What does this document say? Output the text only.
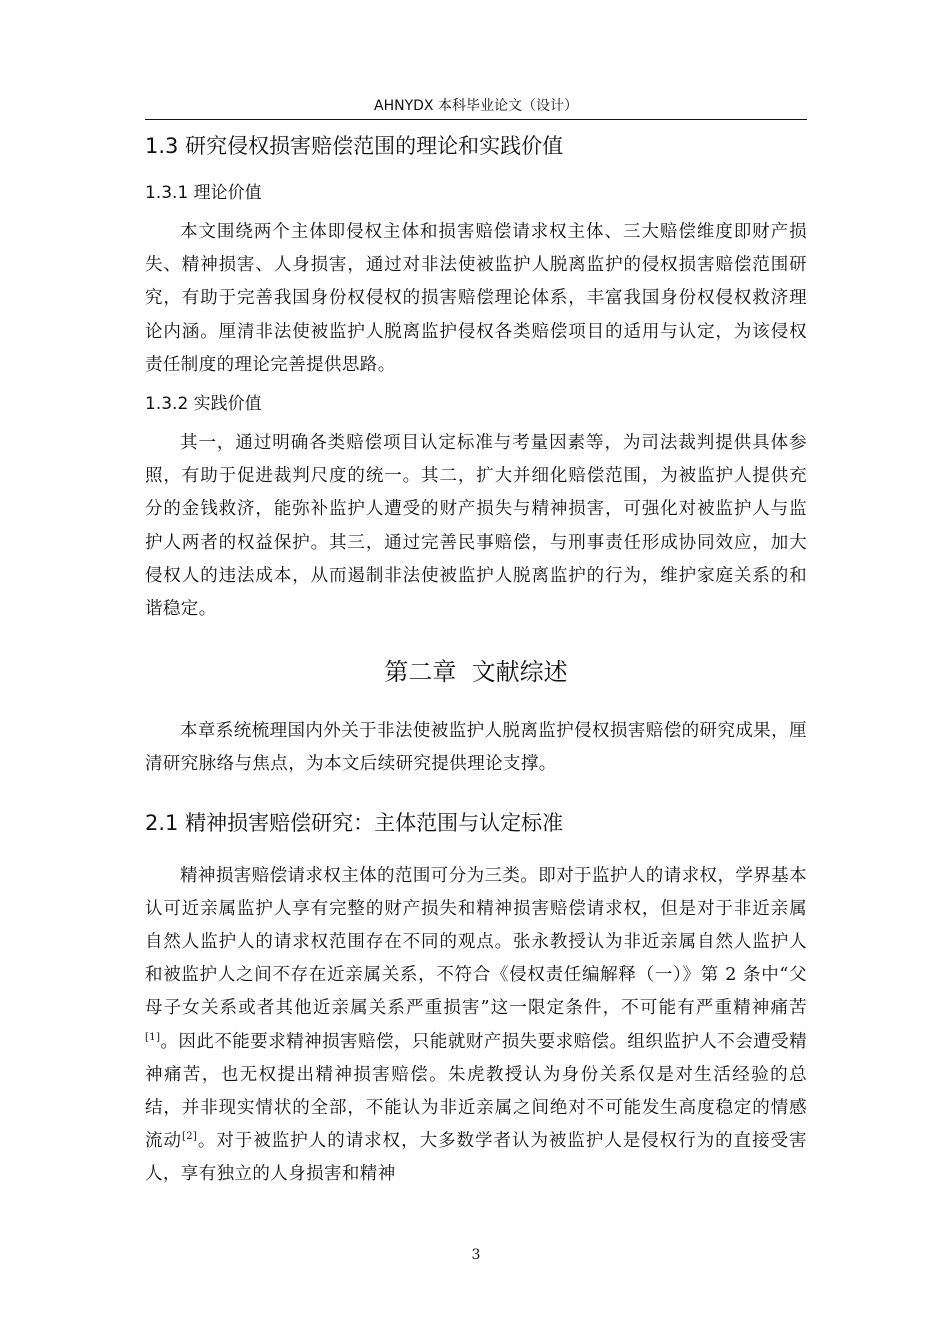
AHNYDX 本科毕业论文（设计）
1.3 研究侵权损害赔偿范围的理论和实践价值
1.3.1 理论价值

本文围绕两个主体即侵权主体和损害赔偿请求权主体、三大赔偿维度即财产损失、精神损害、人身损害，通过对非法使被监护人脱离监护的侵权损害赔偿范围研究，有助于完善我国身份权侵权的损害赔偿理论体系，丰富我国身份权侵权救济理论内涵。厘清非法使被监护人脱离监护侵权各类赔偿项目的适用与认定，为该侵权责任制度的理论完善提供思路。

1.3.2 实践价值

其一，通过明确各类赔偿项目认定标准与考量因素等，为司法裁判提供具体参照，有助于促进裁判尺度的统一。其二，扩大并细化赔偿范围，为被监护人提供充分的金钱救济，能弥补监护人遭受的财产损失与精神损害，可强化对被监护人与监护人两者的权益保护。其三，通过完善民事赔偿，与刑事责任形成协同效应，加大侵权人的违法成本，从而遏制非法使被监护人脱离监护的行为，维护家庭关系的和谐稳定。

第二章  文献综述

本章系统梳理国内外关于非法使被监护人脱离监护侵权损害赔偿的研究成果，厘清研究脉络与焦点，为本文后续研究提供理论支撑。

2.1 精神损害赔偿研究：主体范围与认定标准

精神损害赔偿请求权主体的范围可分为三类。即对于监护人的请求权，学界基本认可近亲属监护人享有完整的财产损失和精神损害赔偿请求权，但是对于非近亲属自然人监护人的请求权范围存在不同的观点。张永教授认为非近亲属自然人监护人和被监护人之间不存在近亲属关系，不符合《侵权责任编解释（一）》第 2 条中“父母子女关系或者其他近亲属关系严重损害”这一限定条件，不可能有严重精神痛苦[1]。因此不能要求精神损害赔偿，只能就财产损失要求赔偿。组织监护人不会遭受精神痛苦，也无权提出精神损害赔偿。朱虎教授认为身份关系仅是对生活经验的总结，并非现实情状的全部，不能认为非近亲属之间绝对不可能发生高度稳定的情感流动[2]。对于被监护人的请求权，大多数学者认为被监护人是侵权行为的直接受害人，享有独立的人身损害和精神

3
